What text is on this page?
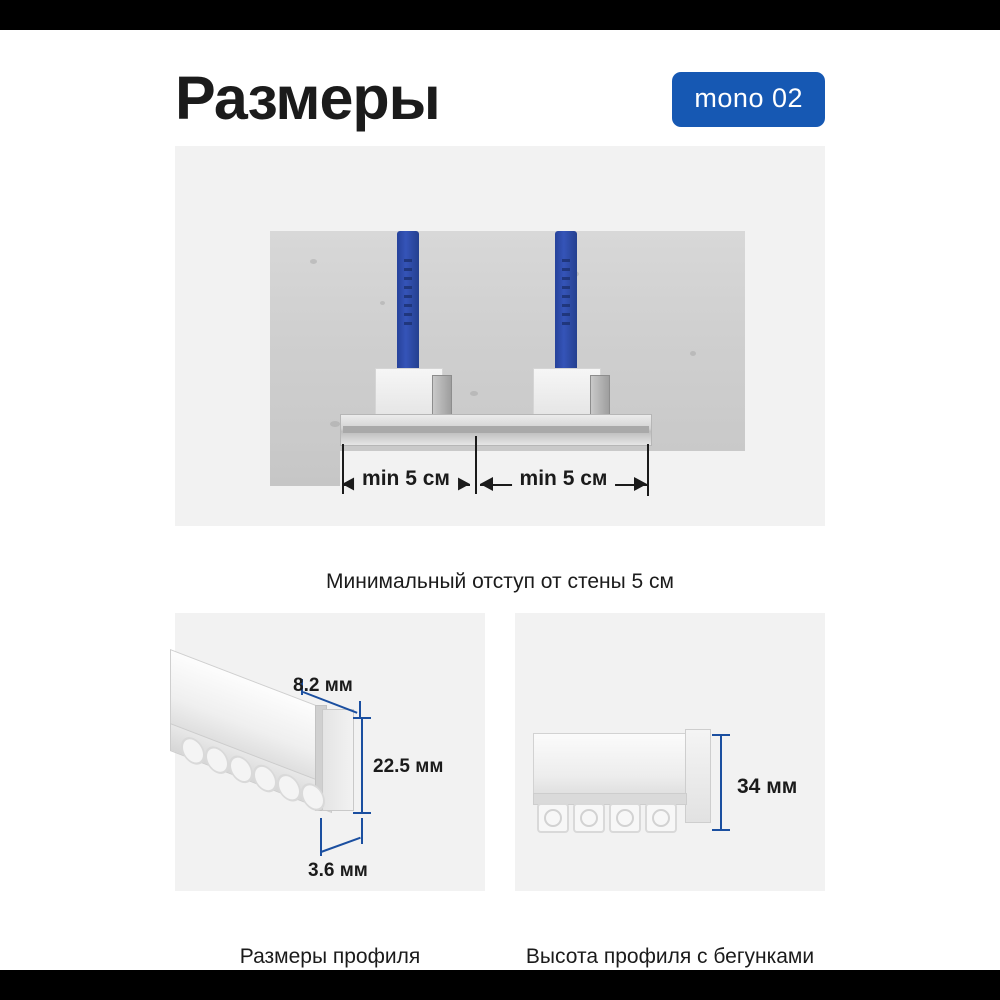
Размеры	mono 02
min 5 см	min 5 см
Минимальный отступ от стены 5 см
8.2 мм
22.5 мм
3.6 мм
34 мм
Размеры профиля	Высота профиля с бегунками
